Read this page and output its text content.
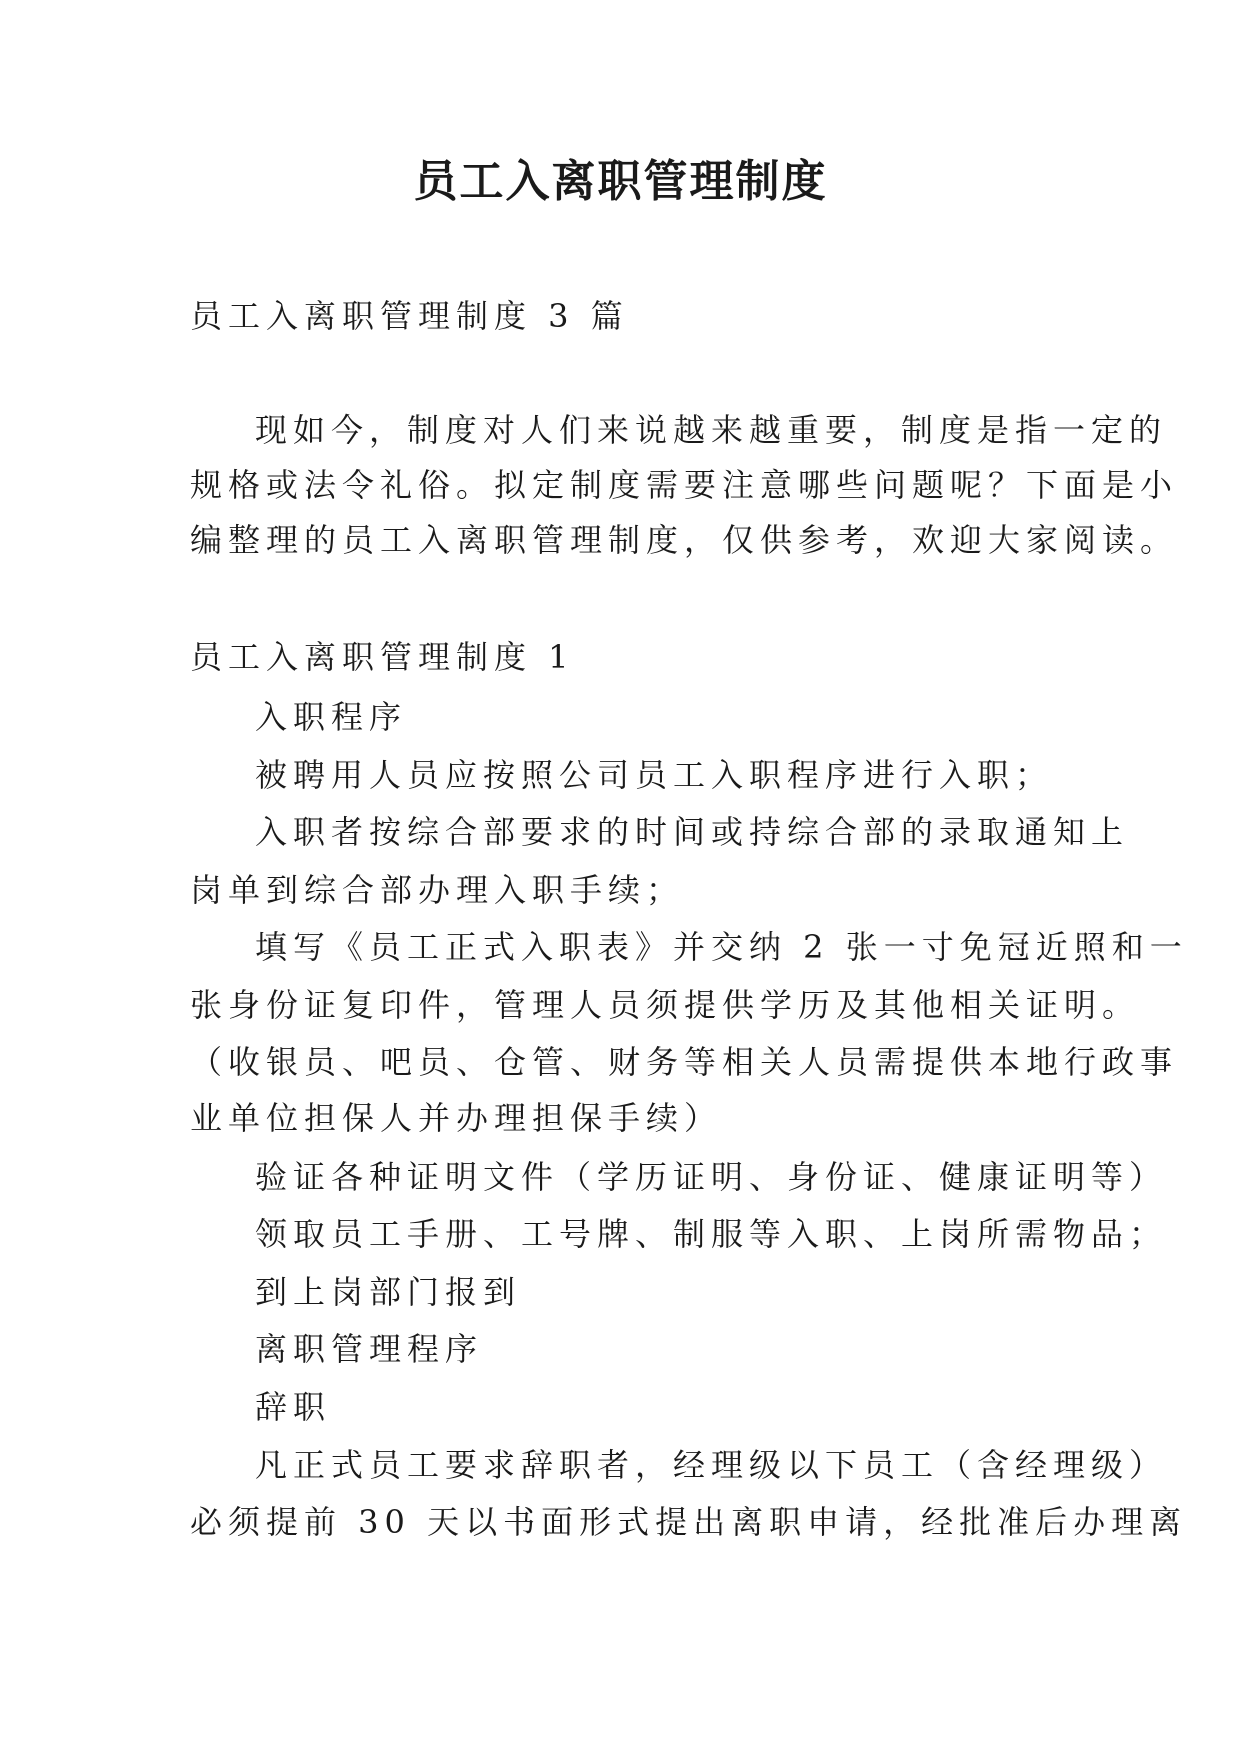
员工入离职管理制度
员工入离职管理制度 3 篇
现如今，制度对人们来说越来越重要，制度是指一定的
规格或法令礼俗。拟定制度需要注意哪些问题呢？下面是小
编整理的员工入离职管理制度，仅供参考，欢迎大家阅读。
员工入离职管理制度 1
入职程序
被聘用人员应按照公司员工入职程序进行入职；
入职者按综合部要求的时间或持综合部的录取通知上
岗单到综合部办理入职手续；
填写《员工正式入职表》并交纳 2 张一寸免冠近照和一
张身份证复印件，管理人员须提供学历及其他相关证明。
（收银员、吧员、仓管、财务等相关人员需提供本地行政事
业单位担保人并办理担保手续）
验证各种证明文件（学历证明、身份证、健康证明等）
领取员工手册、工号牌、制服等入职、上岗所需物品；
到上岗部门报到
离职管理程序
辞职
凡正式员工要求辞职者，经理级以下员工（含经理级）
必须提前 30 天以书面形式提出离职申请，经批准后办理离
